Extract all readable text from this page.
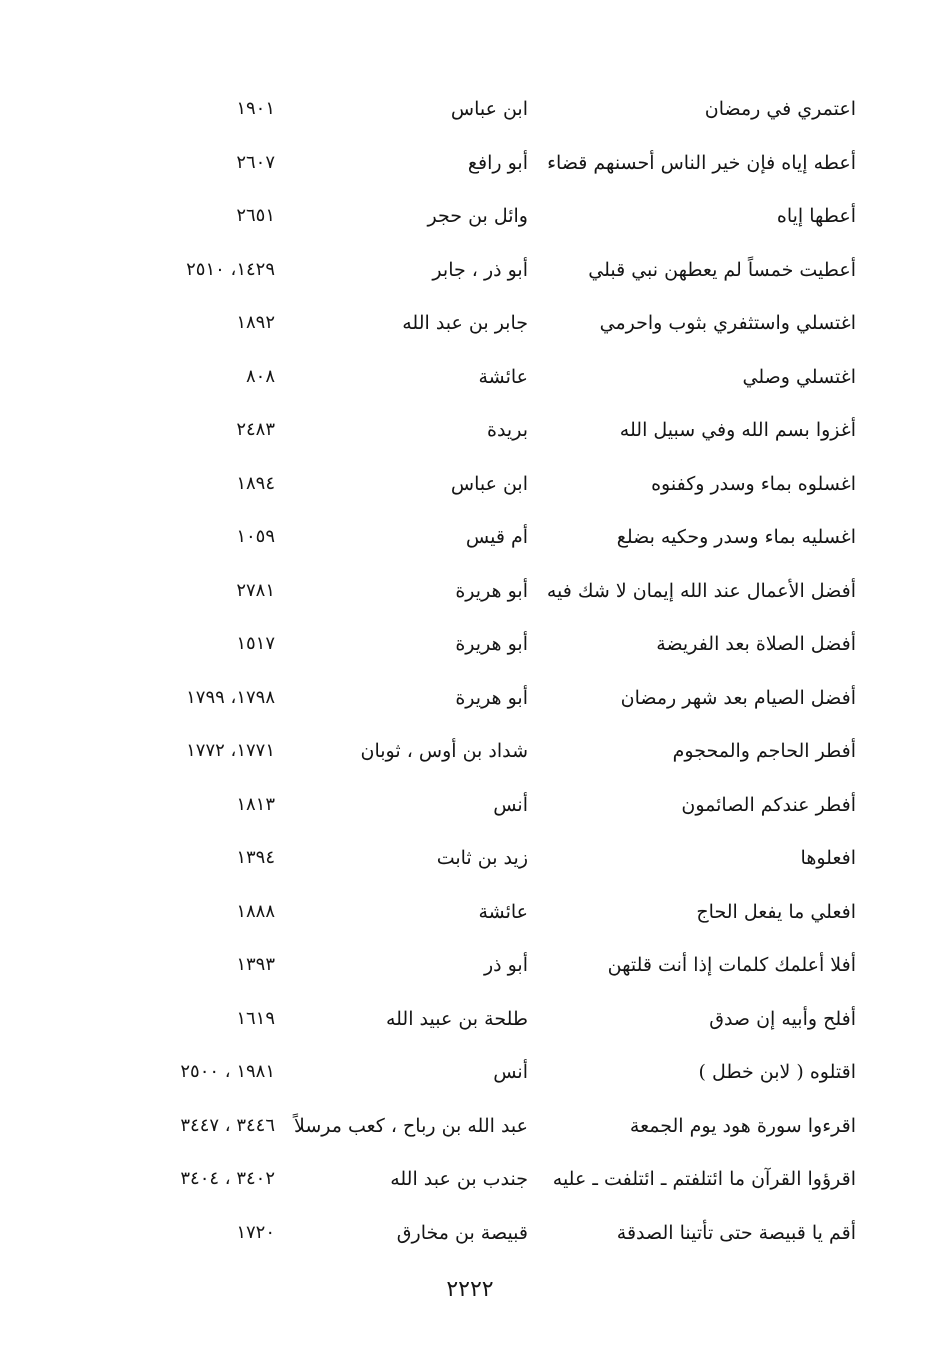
اعتمري في رمضان
ابن عباس
١٩٠١
أعطه إياه فإن خير الناس أحسنهم قضاء
أبو رافع
٢٦٠٧
أعطها إياه
وائل بن حجر
٢٦٥١
أعطيت خمساً لم يعطهن نبي قبلي
أبو ذر ، جابر
١٤٢٩، ٢٥١٠
اغتسلي واستثفري بثوب واحرمي
جابر بن عبد الله
١٨٩٢
اغتسلي وصلي
عائشة
٨٠٨
أغزوا بسم الله وفي سبيل الله
بريدة
٢٤٨٣
اغسلوه بماء وسدر وكفنوه
ابن عباس
١٨٩٤
اغسليه بماء وسدر وحكيه بضلع
أم قيس
١٠٥٩
أفضل الأعمال عند الله إيمان لا شك فيه
أبو هريرة
٢٧٨١
أفضل الصلاة بعد الفريضة
أبو هريرة
١٥١٧
أفضل الصيام بعد شهر رمضان
أبو هريرة
١٧٩٨، ١٧٩٩
أفطر الحاجم والمحجوم
شداد بن أوس ، ثوبان
١٧٧١، ١٧٧٢
أفطر عندكم الصائمون
أنس
١٨١٣
افعلوها
زيد بن ثابت
١٣٩٤
افعلي ما يفعل الحاج
عائشة
١٨٨٨
أفلا أعلمك كلمات إذا أنت قلتهن
أبو ذر
١٣٩٣
أفلح وأبيه إن صدق
طلحة بن عبيد الله
١٦١٩
اقتلوه ( لابن خطل )
أنس
١٩٨١ ، ٢٥٠٠
اقرءوا سورة هود يوم الجمعة
عبد الله بن رباح ، كعب مرسلاً
٣٤٤٦ ، ٣٤٤٧
اقرؤوا القرآن ما ائتلفتم ـ ائتلفت ـ عليه
جندب بن عبد الله
٣٤٠٢ ، ٣٤٠٤
أقم يا قبيصة حتى تأتينا الصدقة
قبيصة بن مخارق
١٧٢٠
٢٢٢٢
